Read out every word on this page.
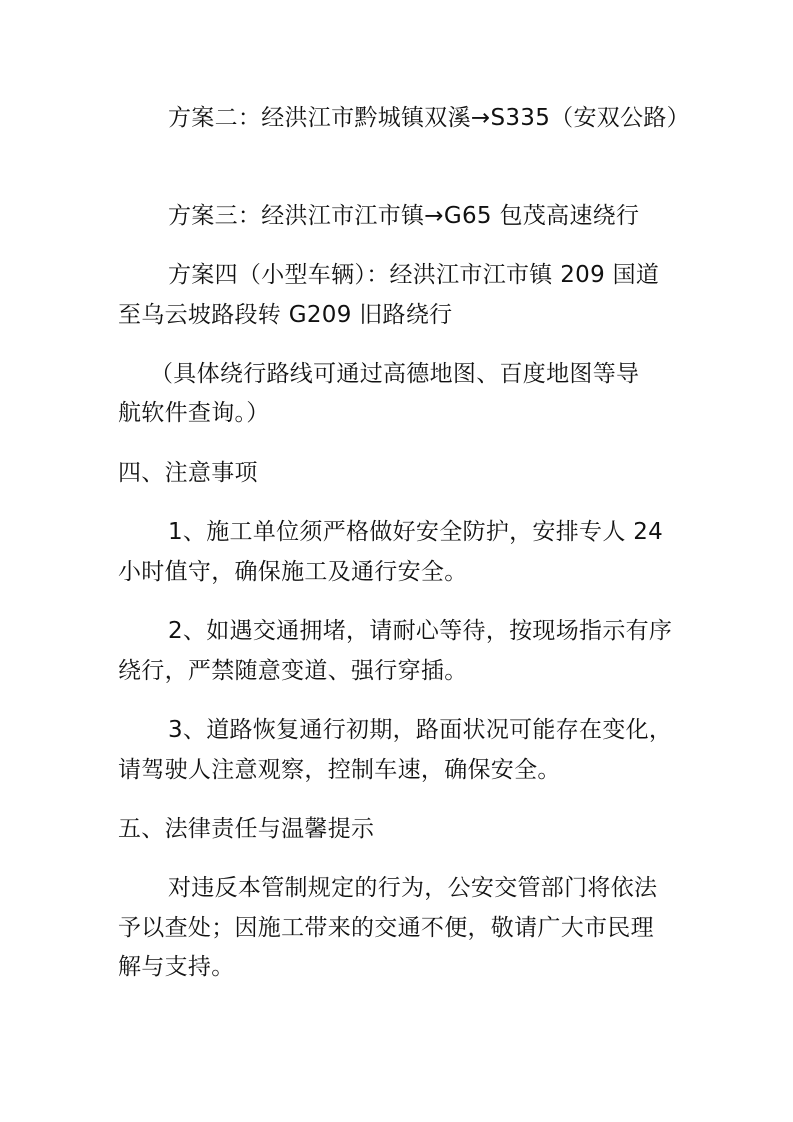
方案二：经洪江市黔城镇双溪→S335（安双公路）
方案三：经洪江市江市镇→G65 包茂高速绕行
方案四（小型车辆）：经洪江市江市镇 209 国道
至乌云坡路段转 G209 旧路绕行
（具体绕行路线可通过高德地图、百度地图等导
航软件查询。）
四、注意事项
1、施工单位须严格做好安全防护，安排专人 24
小时值守，确保施工及通行安全。
2、如遇交通拥堵，请耐心等待，按现场指示有序
绕行，严禁随意变道、强行穿插。
3、道路恢复通行初期，路面状况可能存在变化，
请驾驶人注意观察，控制车速，确保安全。
五、法律责任与温馨提示
对违反本管制规定的行为，公安交管部门将依法
予以查处；因施工带来的交通不便，敬请广大市民理
解与支持。
